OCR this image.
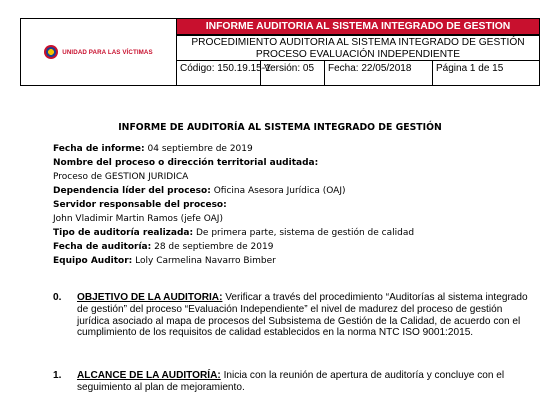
UNIDAD PARA LAS VÍCTIMAS
INFORME AUDITORIA AL SISTEMA INTEGRADO DE GESTION
PROCEDIMIENTO AUDITORIA AL SISTEMA INTEGRADO DE GESTIÓN
PROCESO EVALUACIÓN INDEPENDIENTE
Código: 150.19.15-1
Versión: 05	Fecha: 22/05/2018	Página 1 de 15
INFORME DE AUDITORÍA AL SISTEMA INTEGRADO DE GESTIÓN
Fecha de informe: 04 septiembre de 2019
Nombre del proceso o dirección territorial auditada:
Proceso de GESTION JURIDICA
Dependencia líder del proceso: Oficina Asesora Jurídica (OAJ)
Servidor responsable del proceso:
John Vladimir Martin Ramos (jefe OAJ)
Tipo de auditoría realizada: De primera parte, sistema de gestión de calidad
Fecha de auditoría: 28 de septiembre de 2019
Equipo Auditor: Loly Carmelina Navarro Bimber
0. OBJETIVO DE LA AUDITORIA: Verificar a través del procedimiento “Auditorías al sistema integrado de gestión” del proceso “Evaluación Independiente” el nivel de madurez del proceso de gestión jurídica asociado al mapa de procesos del Subsistema de Gestión de la Calidad, de acuerdo con el cumplimiento de los requisitos de calidad establecidos en la norma NTC ISO 9001:2015.
1. ALCANCE DE LA AUDITORÍA: Inicia con la reunión de apertura de auditoría y concluye con el seguimiento al plan de mejoramiento.
